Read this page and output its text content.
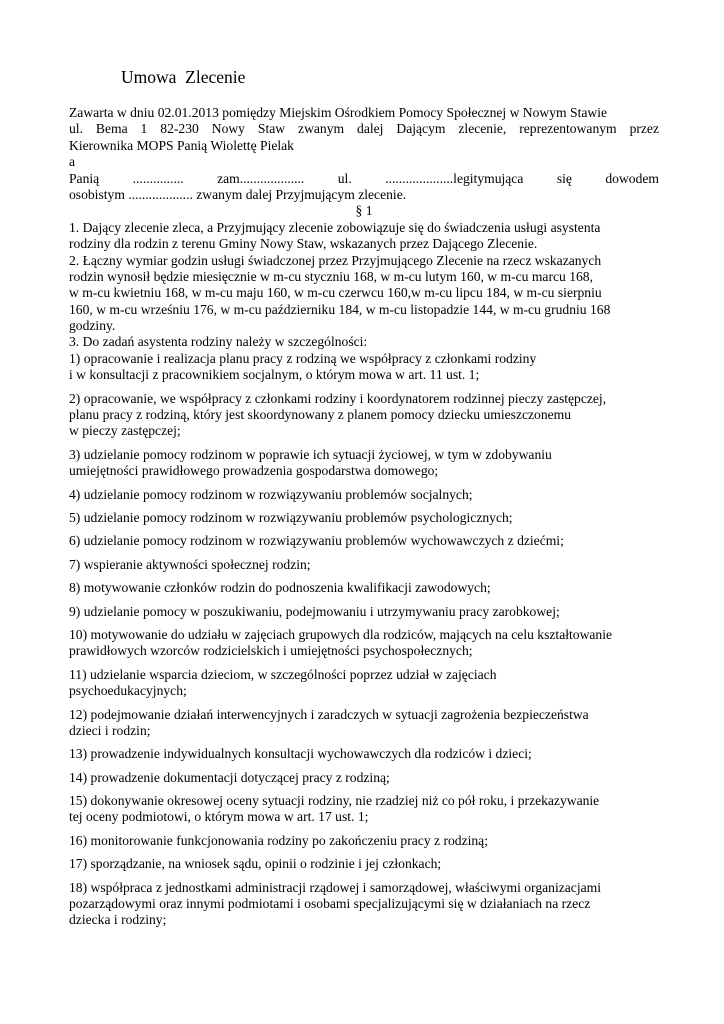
Umowa  Zlecenie
Zawarta w dniu 02.01.2013 pomiędzy Miejskim Ośrodkiem Pomocy Społecznej w Nowym Stawie
ul. Bema 1 82-230 Nowy Staw zwanym dalej Dającym zlecenie, reprezentowanym przez
Kierownika MOPS Panią Wiolettę Pielak
a
Panią ............... zam................... ul. ....................legitymująca się dowodem
osobistym ................... zwanym dalej Przyjmującym zlecenie.
§ 1
1. Dający zlecenie zleca, a Przyjmujący zlecenie zobowiązuje się do świadczenia usługi asystenta
rodziny dla rodzin z terenu Gminy Nowy Staw, wskazanych przez Dającego Zlecenie.
2. Łączny wymiar godzin usługi świadczonej przez Przyjmującego Zlecenie na rzecz wskazanych
rodzin wynosił będzie miesięcznie w m-cu styczniu 168, w m-cu lutym 160, w m-cu marcu 168,
w m-cu kwietniu 168, w m-cu maju 160, w m-cu czerwcu 160,w m-cu lipcu 184, w m-cu sierpniu
160, w m-cu wrześniu 176, w m-cu październiku 184, w m-cu listopadzie 144, w m-cu grudniu 168
godziny.
3. Do zadań asystenta rodziny należy w szczególności:
1) opracowanie i realizacja planu pracy z rodziną we współpracy z członkami rodziny
i w konsultacji z pracownikiem socjalnym, o którym mowa w art. 11 ust. 1;
2) opracowanie, we współpracy z członkami rodziny i koordynatorem rodzinnej pieczy zastępczej,
planu pracy z rodziną, który jest skoordynowany z planem pomocy dziecku umieszczonemu
w pieczy zastępczej;
3) udzielanie pomocy rodzinom w poprawie ich sytuacji życiowej, w tym w zdobywaniu
umiejętności prawidłowego prowadzenia gospodarstwa domowego;
4) udzielanie pomocy rodzinom w rozwiązywaniu problemów socjalnych;
5) udzielanie pomocy rodzinom w rozwiązywaniu problemów psychologicznych;
6) udzielanie pomocy rodzinom w rozwiązywaniu problemów wychowawczych z dziećmi;
7) wspieranie aktywności społecznej rodzin;
8) motywowanie członków rodzin do podnoszenia kwalifikacji zawodowych;
9) udzielanie pomocy w poszukiwaniu, podejmowaniu i utrzymywaniu pracy zarobkowej;
10) motywowanie do udziału w zajęciach grupowych dla rodziców, mających na celu kształtowanie
prawidłowych wzorców rodzicielskich i umiejętności psychospołecznych;
11) udzielanie wsparcia dzieciom, w szczególności poprzez udział w zajęciach
psychoedukacyjnych;
12) podejmowanie działań interwencyjnych i zaradczych w sytuacji zagrożenia bezpieczeństwa
dzieci i rodzin;
13) prowadzenie indywidualnych konsultacji wychowawczych dla rodziców i dzieci;
14) prowadzenie dokumentacji dotyczącej pracy z rodziną;
15) dokonywanie okresowej oceny sytuacji rodziny, nie rzadziej niż co pół roku, i przekazywanie
tej oceny podmiotowi, o którym mowa w art. 17 ust. 1;
16) monitorowanie funkcjonowania rodziny po zakończeniu pracy z rodziną;
17) sporządzanie, na wniosek sądu, opinii o rodzinie i jej członkach;
18) współpraca z jednostkami administracji rządowej i samorządowej, właściwymi organizacjami
pozarządowymi oraz innymi podmiotami i osobami specjalizującymi się w działaniach na rzecz
dziecka i rodziny;
